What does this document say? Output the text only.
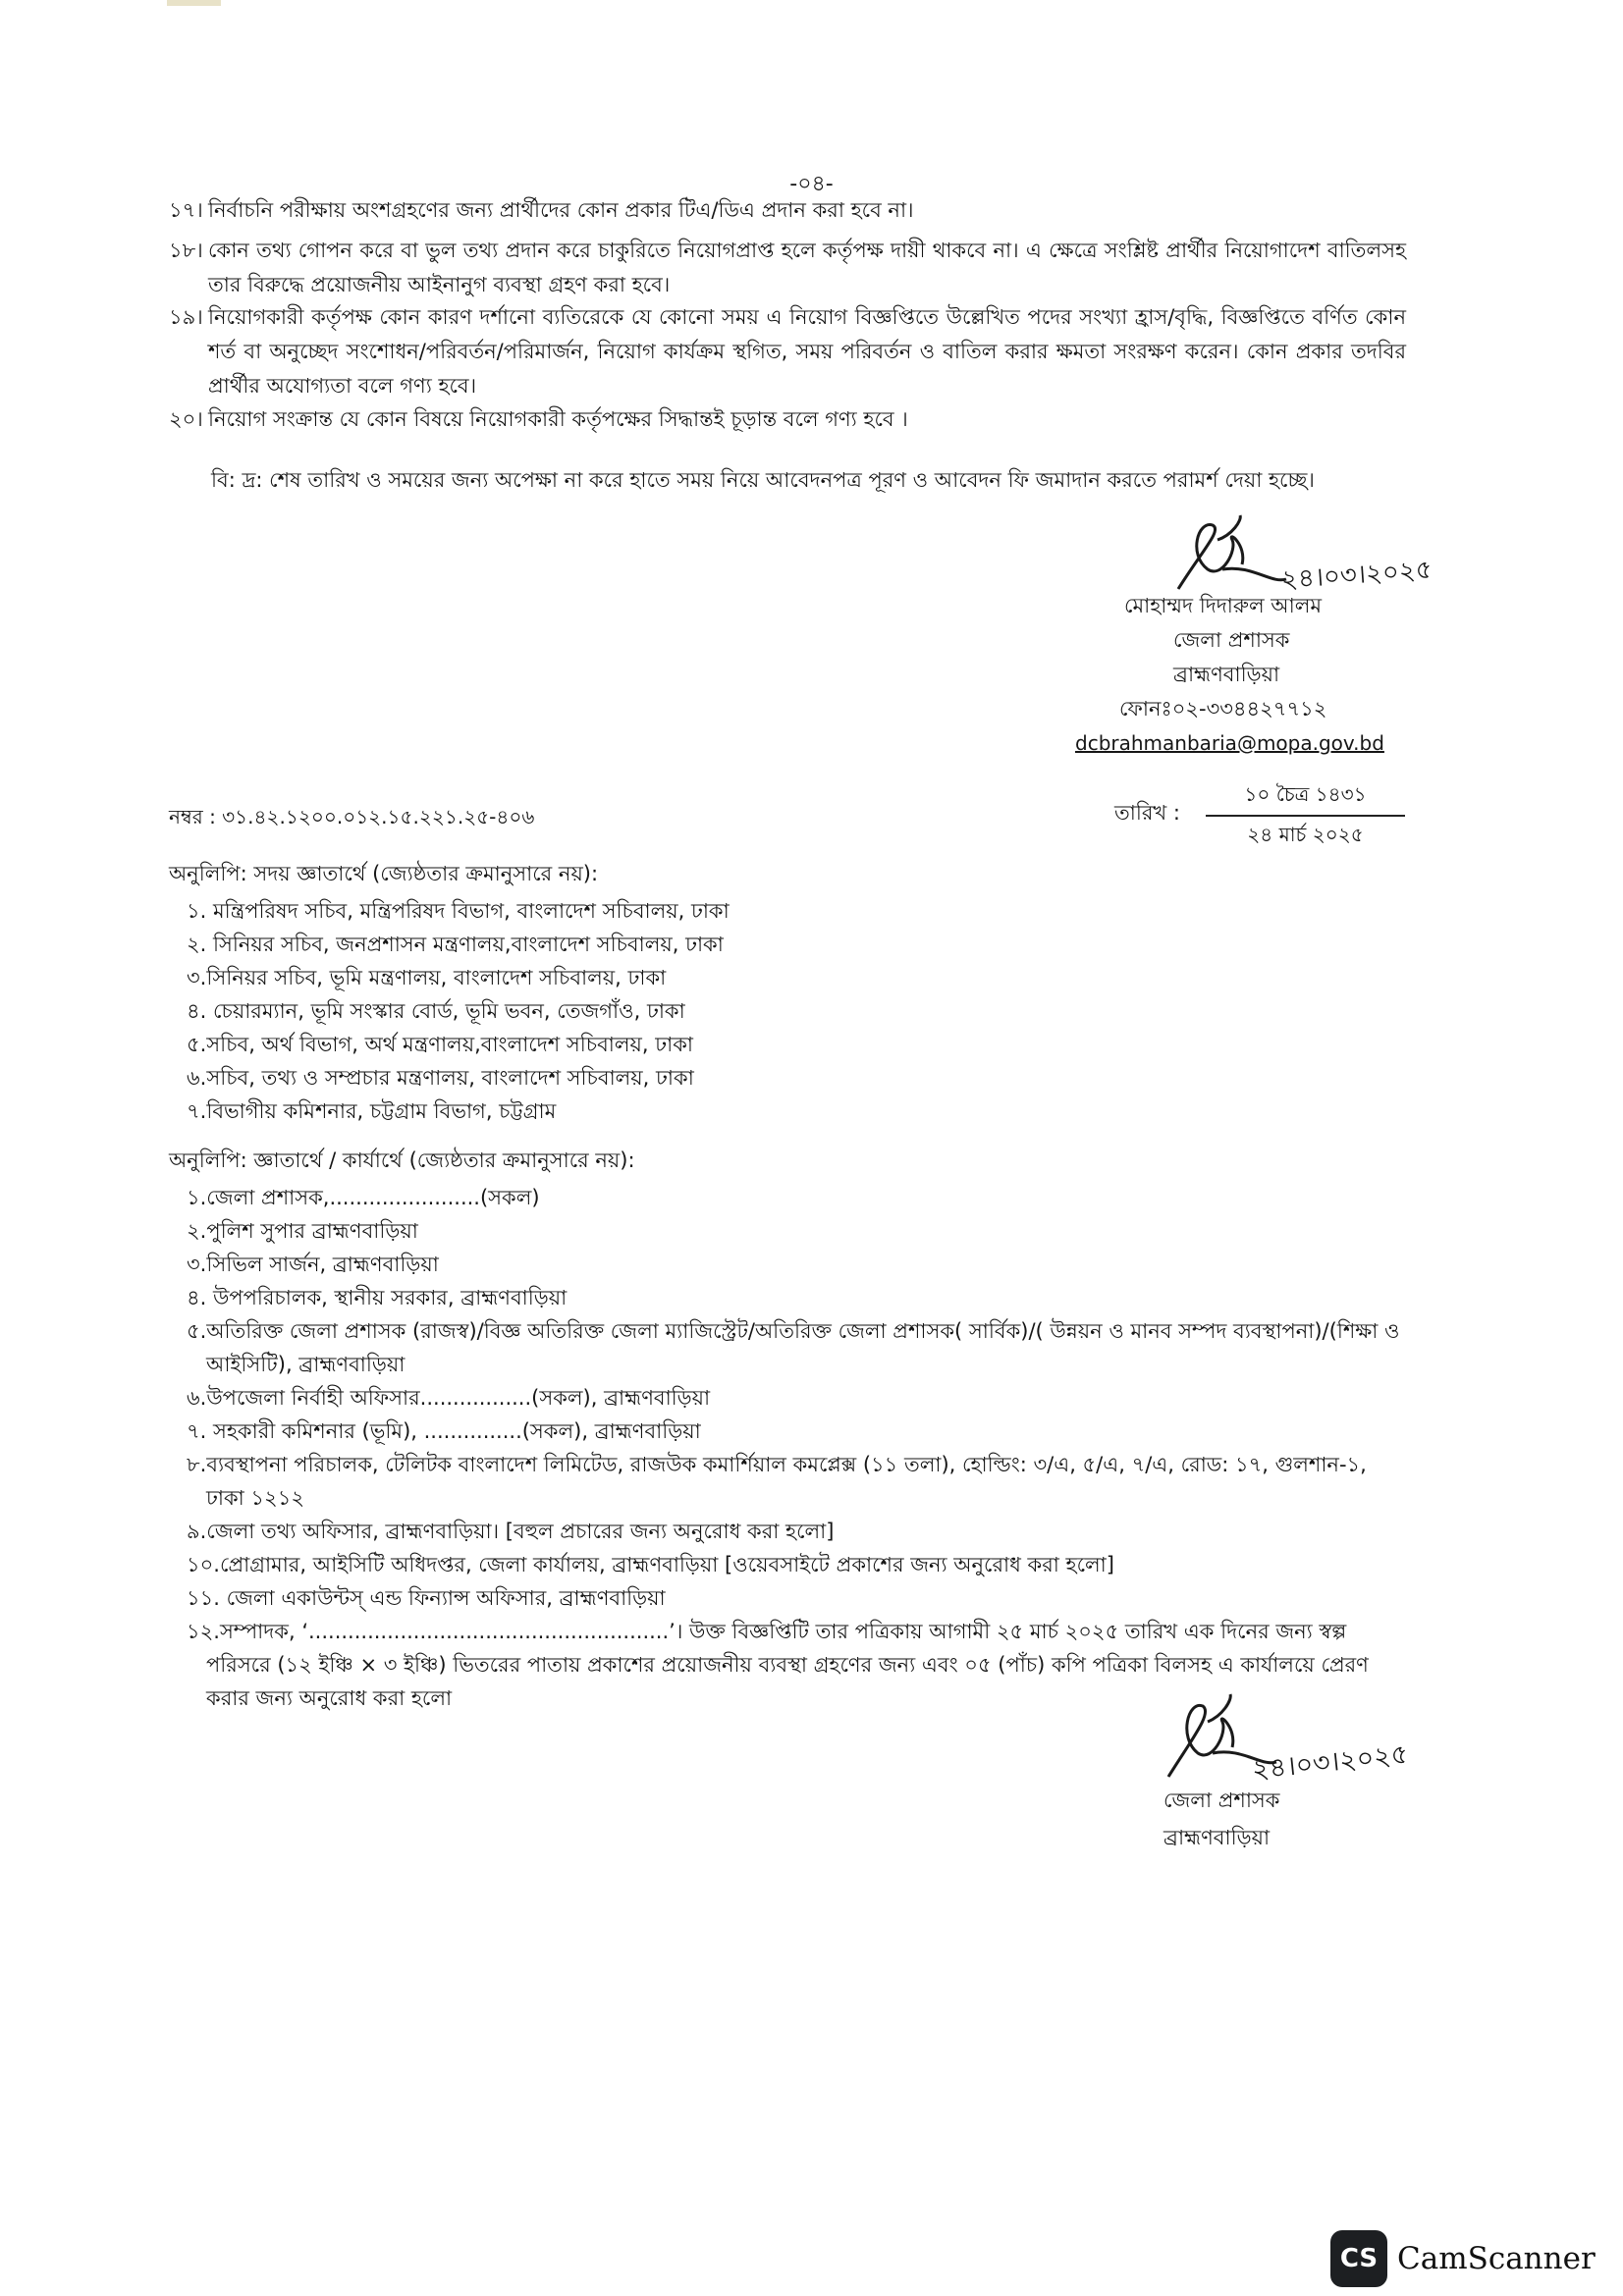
-০৪-
১৭। নির্বাচনি পরীক্ষায় অংশগ্রহণের জন্য প্রার্থীদের কোন প্রকার টিএ/ডিএ প্রদান করা হবে না।
১৮। কোন তথ্য গোপন করে বা ভুল তথ্য প্রদান করে চাকুরিতে নিয়োগপ্রাপ্ত হলে কর্তৃপক্ষ দায়ী থাকবে না। এ ক্ষেত্রে সংশ্লিষ্ট প্রার্থীর নিয়োগাদেশ বাতিলসহ তার বিরুদ্ধে প্রয়োজনীয় আইনানুগ ব্যবস্থা গ্রহণ করা হবে।
১৯। নিয়োগকারী কর্তৃপক্ষ কোন কারণ দর্শানো ব্যতিরেকে যে কোনো সময় এ নিয়োগ বিজ্ঞপ্তিতে উল্লেখিত পদের সংখ্যা হ্রাস/বৃদ্ধি, বিজ্ঞপ্তিতে বর্ণিত কোন শর্ত বা অনুচ্ছেদ সংশোধন/পরিবর্তন/পরিমার্জন, নিয়োগ কার্যক্রম স্থগিত, সময় পরিবর্তন ও বাতিল করার ক্ষমতা সংরক্ষণ করেন। কোন প্রকার তদবির প্রার্থীর অযোগ্যতা বলে গণ্য হবে।
২০। নিয়োগ সংক্রান্ত যে কোন বিষয়ে নিয়োগকারী কর্তৃপক্ষের সিদ্ধান্তই চূড়ান্ত বলে গণ্য হবে ।
বি: দ্র: শেষ তারিখ ও সময়ের জন্য অপেক্ষা না করে হাতে সময় নিয়ে আবেদনপত্র পূরণ ও আবেদন ফি জমাদান করতে পরামর্শ দেয়া হচ্ছে।
২৪।০৩।২০২৫
মোহাম্মদ দিদারুল আলম
জেলা প্রশাসক
ব্রাহ্মণবাড়িয়া
ফোনঃ০২-৩৩৪৪২৭৭১২
dcbrahmanbaria@mopa.gov.bd
নম্বর : ৩১.৪২.১২০০.০১২.১৫.২২১.২৫-৪০৬	তারিখ :
১০ চৈত্র ১৪৩১
২৪ মার্চ ২০২৫
অনুলিপি: সদয় জ্ঞাতার্থে (জ্যেষ্ঠতার ক্রমানুসারে নয়):
১. মন্ত্রিপরিষদ সচিব, মন্ত্রিপরিষদ বিভাগ, বাংলাদেশ সচিবালয়, ঢাকা
২. সিনিয়র সচিব, জনপ্রশাসন মন্ত্রণালয়,বাংলাদেশ সচিবালয়, ঢাকা
৩.সিনিয়র সচিব, ভূমি মন্ত্রণালয়, বাংলাদেশ সচিবালয়, ঢাকা
৪. চেয়ারম্যান, ভূমি সংস্কার বোর্ড, ভূমি ভবন, তেজগাঁও, ঢাকা
৫.সচিব, অর্থ বিভাগ, অর্থ মন্ত্রণালয়,বাংলাদেশ সচিবালয়, ঢাকা
৬.সচিব, তথ্য ও সম্প্রচার মন্ত্রণালয়, বাংলাদেশ সচিবালয়, ঢাকা
৭.বিভাগীয় কমিশনার, চট্টগ্রাম বিভাগ, চট্টগ্রাম
অনুলিপি: জ্ঞাতার্থে / কার্যার্থে (জ্যেষ্ঠতার ক্রমানুসারে নয়):
১.জেলা প্রশাসক,.......................(সকল)
২.পুলিশ সুপার ব্রাহ্মণবাড়িয়া
৩.সিভিল সার্জন, ব্রাহ্মণবাড়িয়া
৪. উপপরিচালক, স্থানীয় সরকার, ব্রাহ্মণবাড়িয়া
৫.অতিরিক্ত জেলা প্রশাসক (রাজস্ব)/বিজ্ঞ অতিরিক্ত জেলা ম্যাজিস্ট্রেট/অতিরিক্ত জেলা প্রশাসক( সার্বিক)/( উন্নয়ন ও মানব সম্পদ ব্যবস্থাপনা)/(শিক্ষা ও আইসিটি), ব্রাহ্মণবাড়িয়া
৬.উপজেলা নির্বাহী অফিসার.................(সকল), ব্রাহ্মণবাড়িয়া
৭. সহকারী কমিশনার (ভূমি), ...............(সকল), ব্রাহ্মণবাড়িয়া
৮.ব্যবস্থাপনা পরিচালক, টেলিটক বাংলাদেশ লিমিটেড, রাজউক কমার্শিয়াল কমপ্লেক্স (১১ তলা), হোল্ডিং: ৩/এ, ৫/এ, ৭/এ, রোড: ১৭, গুলশান-১, ঢাকা ১২১২
৯.জেলা তথ্য অফিসার, ব্রাহ্মণবাড়িয়া। [বহুল প্রচারের জন্য অনুরোধ করা হলো]
১০.প্রোগ্রামার, আইসিটি অধিদপ্তর, জেলা কার্যালয়, ব্রাহ্মণবাড়িয়া [ওয়েবসাইটে প্রকাশের জন্য অনুরোধ করা হলো]
১১. জেলা একাউন্টস্ এন্ড ফিন্যান্স অফিসার, ব্রাহ্মণবাড়িয়া
১২.সম্পাদক, ‘.......................................................’। উক্ত বিজ্ঞপ্তিটি তার পত্রিকায় আগামী ২৫ মার্চ ২০২৫ তারিখ এক দিনের জন্য স্বল্প পরিসরে (১২ ইঞ্চি × ৩ ইঞ্চি) ভিতরের পাতায় প্রকাশের প্রয়োজনীয় ব্যবস্থা গ্রহণের জন্য এবং ০৫ (পাঁচ) কপি পত্রিকা বিলসহ এ কার্যালয়ে প্রেরণ করার জন্য অনুরোধ করা হলো
২৪।০৩।২০২৫
জেলা প্রশাসক
ব্রাহ্মণবাড়িয়া
CS CamScanner
